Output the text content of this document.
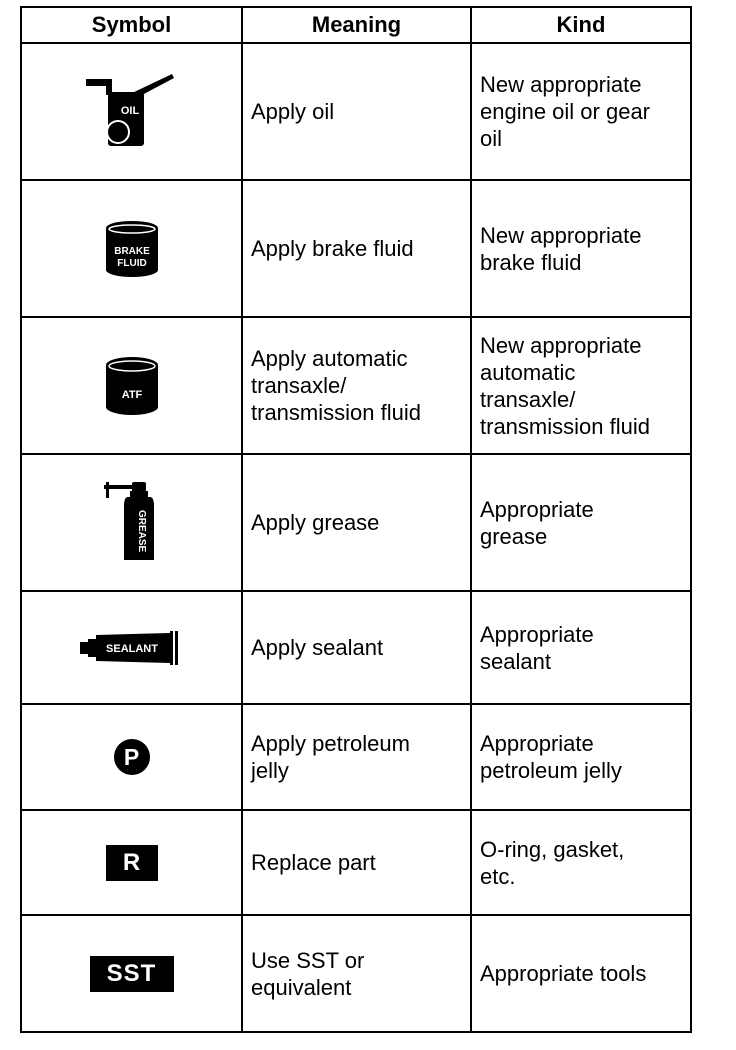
Symbol	Meaning	Kind

OIL	Apply oil	New appropriate
engine oil or gear
oil

BRAKE
FLUID	Apply brake fluid	New appropriate
brake fluid

ATF	Apply automatic
transaxle/
transmission fluid	New appropriate
automatic
transaxle/
transmission fluid

GREASE	Apply grease	Appropriate
grease

SEALANT	Apply sealant	Appropriate
sealant

P	Apply petroleum
jelly	Appropriate
petroleum jelly

R	Replace part	O-ring, gasket,
etc.

SST	Use SST or
equivalent	Appropriate tools
